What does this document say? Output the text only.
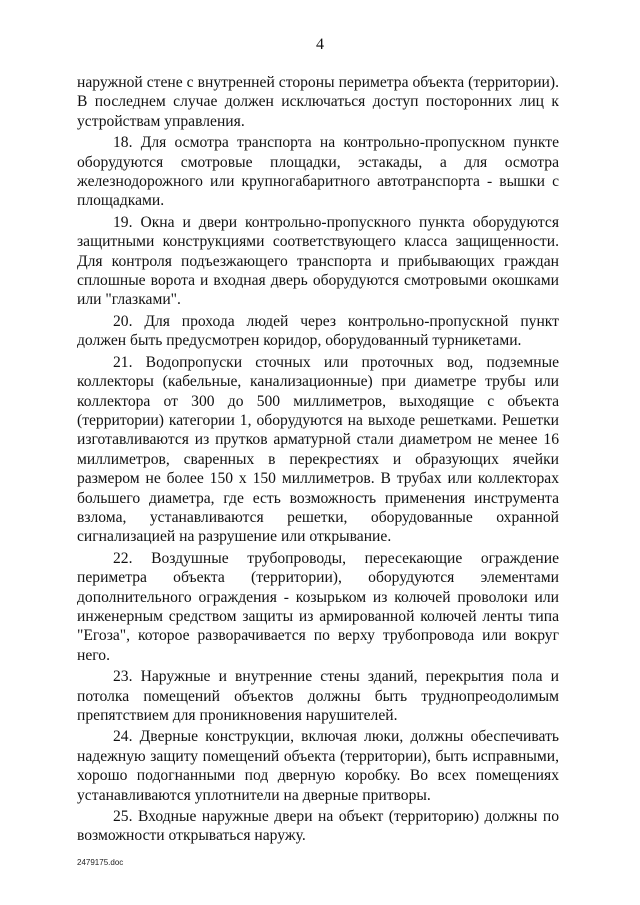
4

наружной стене с внутренней стороны периметра объекта (территории). В последнем случае должен исключаться доступ посторонних лиц к устройствам управления.

18. Для осмотра транспорта на контрольно-пропускном пункте оборудуются смотровые площадки, эстакады, а для осмотра железнодорожного или крупногабаритного автотранспорта - вышки с площадками.

19. Окна и двери контрольно-пропускного пункта оборудуются защитными конструкциями соответствующего класса защищенности. Для контроля подъезжающего транспорта и прибывающих граждан сплошные ворота и входная дверь оборудуются смотровыми окошками или "глазками".

20. Для прохода людей через контрольно-пропускной пункт должен быть предусмотрен коридор, оборудованный турникетами.

21. Водопропуски сточных или проточных вод, подземные коллекторы (кабельные, канализационные) при диаметре трубы или коллектора от 300 до 500 миллиметров, выходящие с объекта (территории) категории 1, оборудуются на выходе решетками. Решетки изготавливаются из прутков арматурной стали диаметром не менее 16 миллиметров, сваренных в перекрестиях и образующих ячейки размером не более 150 x 150 миллиметров. В трубах или коллекторах большего диаметра, где есть возможность применения инструмента взлома, устанавливаются решетки, оборудованные охранной сигнализацией на разрушение или открывание.

22. Воздушные трубопроводы, пересекающие ограждение периметра объекта (территории), оборудуются элементами дополнительного ограждения - козырьком из колючей проволоки или инженерным средством защиты из армированной колючей ленты типа "Егоза", которое разворачивается по верху трубопровода или вокруг него.

23. Наружные и внутренние стены зданий, перекрытия пола и потолка помещений объектов должны быть труднопреодолимым препятствием для проникновения нарушителей.

24. Дверные конструкции, включая люки, должны обеспечивать надежную защиту помещений объекта (территории), быть исправными, хорошо подогнанными под дверную коробку. Во всех помещениях устанавливаются уплотнители на дверные притворы.

25. Входные наружные двери на объект (территорию) должны по возможности открываться наружу.

2479175.doc
